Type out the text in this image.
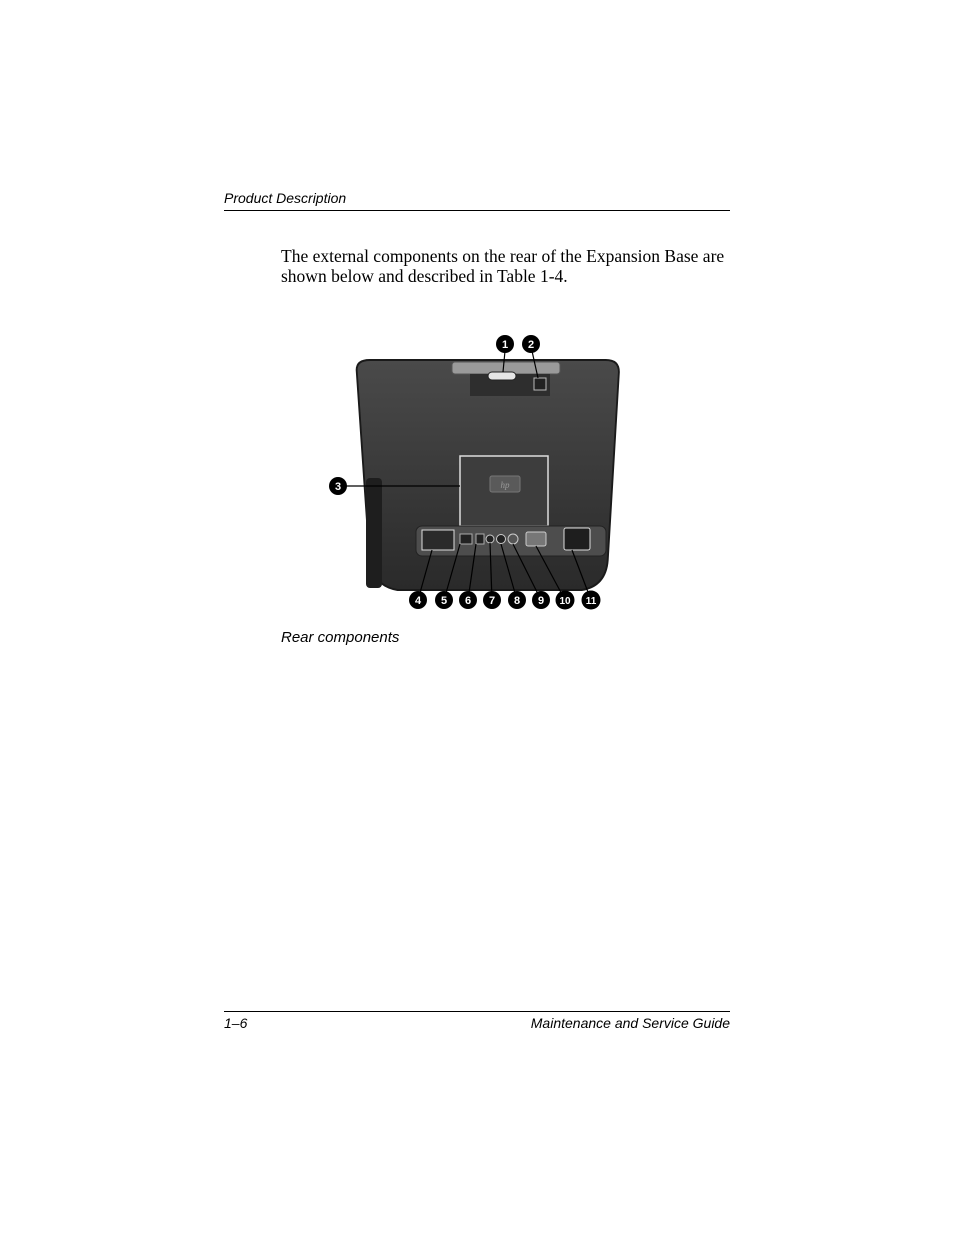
Product Description

The external components on the rear of the Expansion Base are shown below and described in Table 1-4.

hp
1 2
3
4 5 6 7 8 9 10 11
Rear components
1–6	Maintenance and Service Guide
